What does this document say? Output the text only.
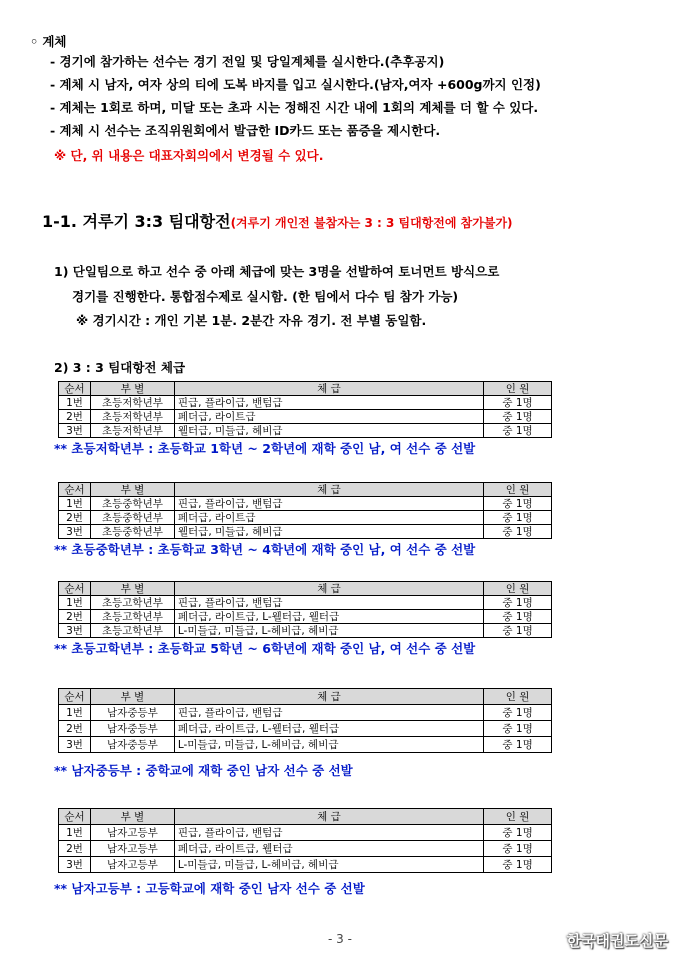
◦ 계체
- 경기에 참가하는 선수는 경기 전일 및 당일계체를 실시한다.(추후공지)
- 계체 시 남자, 여자 상의 티에 도복 바지를 입고 실시한다.(남자,여자 +600g까지 인정)
- 계체는 1회로 하며, 미달 또는 초과 시는 정해진 시간 내에 1회의 계체를 더 할 수 있다.
- 계체 시 선수는 조직위원회에서 발급한 ID카드 또는 품증을 제시한다.
※ 단, 위 내용은 대표자회의에서 변경될 수 있다.
1-1. 겨루기 3:3 팀대항전(겨루기 개인전 불참자는 3 : 3 팀대항전에 참가불가)
1) 단일팀으로 하고 선수 중 아래 체급에 맞는 3명을 선발하여 토너먼트 방식으로
경기를 진행한다. 통합점수제로 실시함. (한 팀에서 다수 팀 참가 가능)
※ 경기시간 : 개인 기본 1분. 2분간 자유 경기. 전 부별 동일함.
2) 3 : 3 팀대항전 체급
순서	부 별	체 급	인 원
1번	초등저학년부	핀급, 플라이급, 밴텀급	중 1명
2번	초등저학년부	페더급, 라이트급	중 1명
3번	초등저학년부	웰터급, 미들급, 헤비급	중 1명
** 초등저학년부 : 초등학교 1학년 ~ 2학년에 재학 중인 남, 여 선수 중 선발
순서	부 별	체 급	인 원
1번	초등중학년부	핀급, 플라이급, 밴텀급	중 1명
2번	초등중학년부	페더급, 라이트급	중 1명
3번	초등중학년부	웰터급, 미들급, 헤비급	중 1명
** 초등중학년부 : 초등학교 3학년 ~ 4학년에 재학 중인 남, 여 선수 중 선발
순서	부 별	체 급	인 원
1번	초등고학년부	핀급, 플라이급, 밴텀급	중 1명
2번	초등고학년부	페더급, 라이트급, L-웰터급, 웰터급	중 1명
3번	초등고학년부	L-미들급, 미들급, L-헤비급, 헤비급	중 1명
** 초등고학년부 : 초등학교 5학년 ~ 6학년에 재학 중인 남, 여 선수 중 선발
순서	부 별	체 급	인 원
1번	남자중등부	핀급, 플라이급, 밴텀급	중 1명
2번	남자중등부	페더급, 라이트급, L-웰터급, 웰터급	중 1명
3번	남자중등부	L-미들급, 미들급, L-헤비급, 헤비급	중 1명
** 남자중등부 : 중학교에 재학 중인 남자 선수 중 선발
순서	부 별	체 급	인 원
1번	남자고등부	핀급, 플라이급, 밴텀급	중 1명
2번	남자고등부	페더급, 라이트급, 웰터급	중 1명
3번	남자고등부	L-미들급, 미들급, L-헤비급, 헤비급	중 1명
** 남자고등부 : 고등학교에 재학 중인 남자 선수 중 선발
- 3 -	한국태권도신문
